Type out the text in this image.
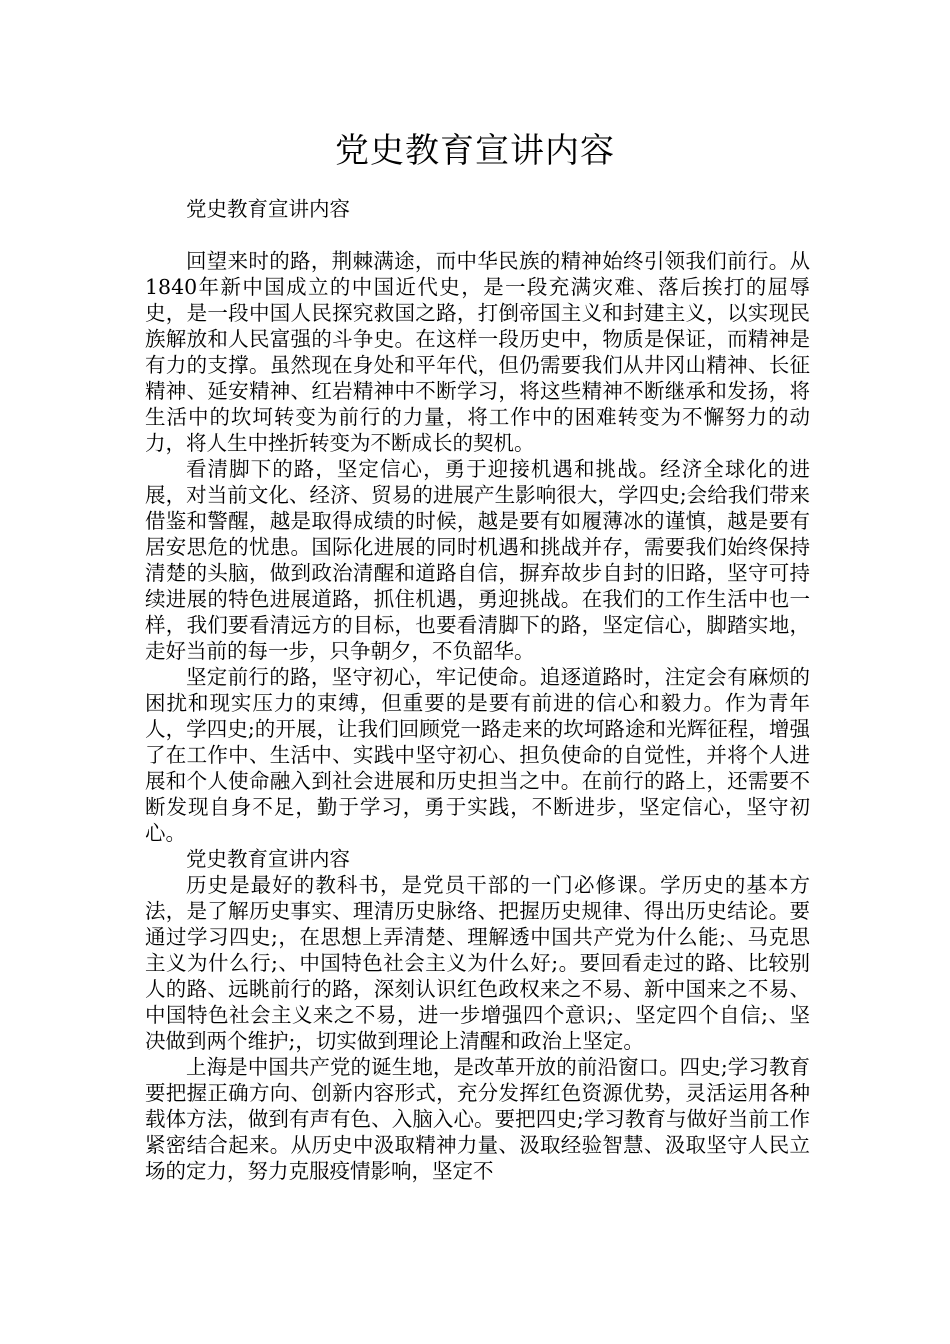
党史教育宣讲内容

党史教育宣讲内容

回望来时的路，荆棘满途，而中华民族的精神始终引领我们前行。从1840年新中国成立的中国近代史，是一段充满灾难、落后挨打的屈辱史，是一段中国人民探究救国之路，打倒帝国主义和封建主义，以实现民族解放和人民富强的斗争史。在这样一段历史中，物质是保证，而精神是有力的支撑。虽然现在身处和平年代，但仍需要我们从井冈山精神、长征精神、延安精神、红岩精神中不断学习，将这些精神不断继承和发扬，将生活中的坎坷转变为前行的力量，将工作中的困难转变为不懈努力的动力，将人生中挫折转变为不断成长的契机。

看清脚下的路，坚定信心，勇于迎接机遇和挑战。经济全球化的进展，对当前文化、经济、贸易的进展产生影响很大，学四史;会给我们带来借鉴和警醒，越是取得成绩的时候，越是要有如履薄冰的谨慎，越是要有居安思危的忧患。国际化进展的同时机遇和挑战并存，需要我们始终保持清楚的头脑，做到政治清醒和道路自信，摒弃故步自封的旧路，坚守可持续进展的特色进展道路，抓住机遇，勇迎挑战。在我们的工作生活中也一样，我们要看清远方的目标，也要看清脚下的路，坚定信心，脚踏实地，走好当前的每一步，只争朝夕，不负韶华。

坚定前行的路，坚守初心，牢记使命。追逐道路时，注定会有麻烦的困扰和现实压力的束缚，但重要的是要有前进的信心和毅力。作为青年人，学四史;的开展，让我们回顾党一路走来的坎坷路途和光辉征程，增强了在工作中、生活中、实践中坚守初心、担负使命的自觉性，并将个人进展和个人使命融入到社会进展和历史担当之中。在前行的路上，还需要不断发现自身不足，勤于学习，勇于实践，不断进步，坚定信心，坚守初心。

党史教育宣讲内容

历史是最好的教科书，是党员干部的一门必修课。学历史的基本方法，是了解历史事实、理清历史脉络、把握历史规律、得出历史结论。要通过学习四史;，在思想上弄清楚、理解透中国共产党为什么能;、马克思主义为什么行;、中国特色社会主义为什么好;。要回看走过的路、比较别人的路、远眺前行的路，深刻认识红色政权来之不易、新中国来之不易、中国特色社会主义来之不易，进一步增强四个意识;、坚定四个自信;、坚决做到两个维护;，切实做到理论上清醒和政治上坚定。

上海是中国共产党的诞生地，是改革开放的前沿窗口。四史;学习教育要把握正确方向、创新内容形式，充分发挥红色资源优势，灵活运用各种载体方法，做到有声有色、入脑入心。要把四史;学习教育与做好当前工作紧密结合起来。从历史中汲取精神力量、汲取经验智慧、汲取坚守人民立场的定力，努力克服疫情影响，坚定不
